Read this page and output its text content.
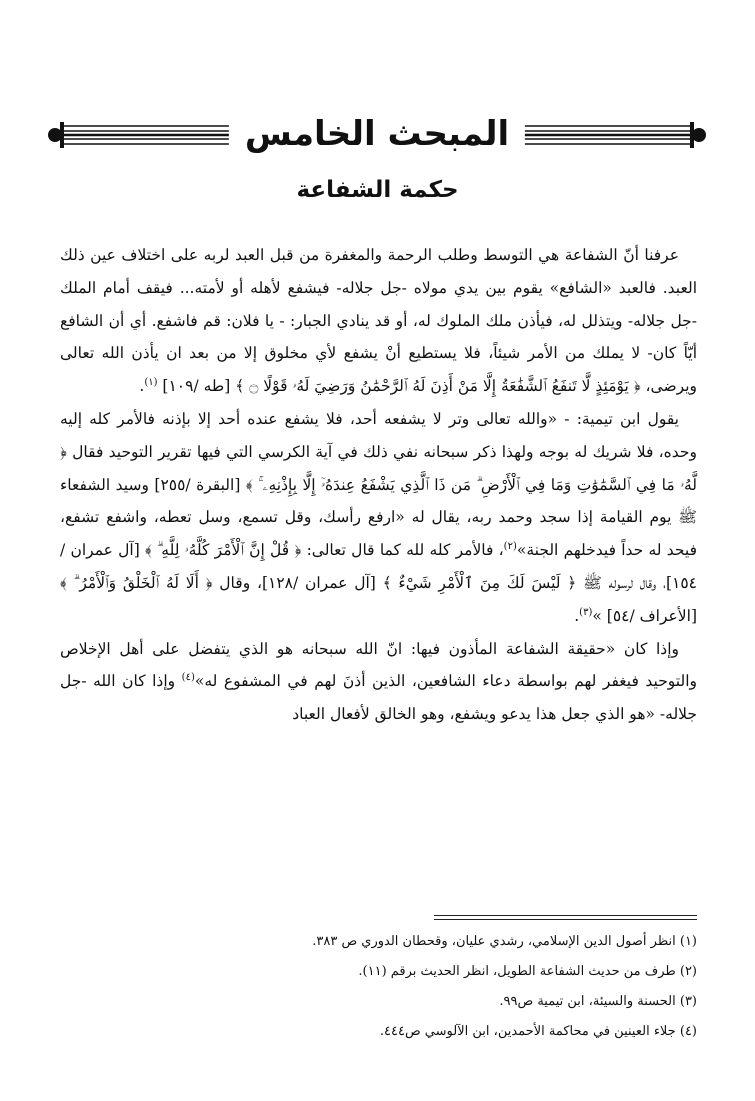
المبحث الخامس
حكمة الشفاعة

عرفنا أنّ الشفاعة هي التوسط وطلب الرحمة والمغفرة من قبل العبد لربه على اختلاف عين ذلك العبد. فالعبد «الشافع» يقوم بين يدي مولاه -جل جلاله- فيشفع لأهله أو لأمته... فيقف أمام الملك -جل جلاله- ويتذلل له، فيأذن ملك الملوك له، أو قد ينادي الجبار: - يا فلان: قم فاشفع. أي أن الشافع أيّاً كان- لا يملك من الأمر شيئاً، فلا يستطيع أنْ يشفع لأي مخلوق إلا من بعد ان يأذن الله تعالى ويرضى، ﴿ يَوْمَئِذٍ لَّا تَنفَعُ ٱلشَّفَٰعَةُ إِلَّا مَنْ أَذِنَ لَهُ ٱلرَّحْمَٰنُ وَرَضِيَ لَهُۥ قَوْلًا ۝ ﴾ [طه /١٠٩] $^{(١)}$.

يقول ابن تيمية: - «والله تعالى وتر لا يشفعه أحد، فلا يشفع عنده أحد إلا بإذنه فالأمر كله إليه وحده، فلا شريك له بوجه ولهذا ذكر سبحانه نفي ذلك في آية الكرسي التي فيها تقرير التوحيد فقال ﴿ لَّهُۥ مَا فِي ٱلسَّمَٰوَٰتِ وَمَا فِي ٱلْأَرْضِ ۗ مَن ذَا ٱلَّذِي يَشْفَعُ عِندَهُۥٓ إِلَّا بِإِذْنِهِۦ ۚ ﴾ [البقرة /٢٥٥] وسيد الشفعاء ﷺ يوم القيامة إذا سجد وحمد ربه، يقال له «ارفع رأسك، وقل تسمع، وسل تعطه، واشفع تشفع، فيحد له حداً فيدخلهم الجنة»$^{(٢)}$، فالأمر كله لله كما قال تعالى: ﴿ قُلْ إِنَّ ٱلْأَمْرَ كُلَّهُۥ لِلَّهِ ۗ ﴾ [آل عمران /١٥٤]، وقال لرسوله ﷺ ﴿ لَيْسَ لَكَ مِنَ ٱلْأَمْرِ شَيْءٌ ﴾ [آل عمران /١٢٨]، وقال ﴿ أَلَا لَهُ ٱلْخَلْقُ وَٱلْأَمْرُ ۗ ﴾ [الأعراف /٥٤] »$^{(٣)}$.

وإذا كان «حقيقة الشفاعة المأذون فيها: انّ الله سبحانه هو الذي يتفضل على أهل الإخلاص والتوحيد فيغفر لهم بواسطة دعاء الشافعين، الذين أذنَ لهم في المشفوع له»$^{(٤)}$ وإذا كان الله -جل جلاله- «هو الذي جعل هذا يدعو ويشفع، وهو الخالق لأفعال العباد

(١) انظر أصول الدين الإسلامي، رشدي عليان، وقحطان الدوري ص ٣٨٣.
(٢) طرف من حديث الشفاعة الطويل، انظر الحديث برقم (١١).
(٣) الحسنة والسيئة، ابن تيمية ص٩٩.
(٤) جلاء العينين في محاكمة الأحمدين، ابن الآلوسي ص٤٤٤.
